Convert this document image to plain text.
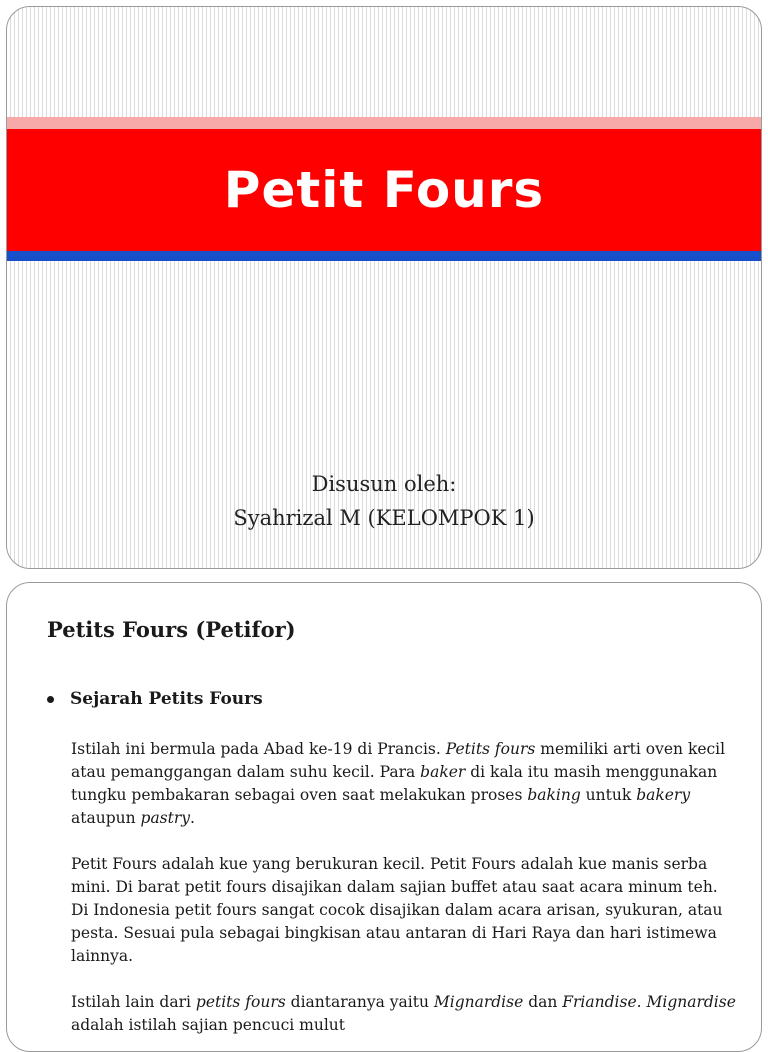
Petit Fours
Disusun oleh:
Syahrizal M (KELOMPOK 1)
Petits Fours (Petifor)
Sejarah Petits Fours

Istilah ini bermula pada Abad ke-19 di Prancis. Petits fours memiliki arti oven kecil atau pemanggangan dalam suhu kecil. Para baker di kala itu masih menggunakan tungku pembakaran sebagai oven saat melakukan proses baking untuk bakery ataupun pastry.

Petit Fours adalah kue yang berukuran kecil. Petit Fours adalah kue manis serba mini. Di barat petit fours disajikan dalam sajian buffet atau saat acara minum teh. Di Indonesia petit fours sangat cocok disajikan dalam acara arisan, syukuran, atau pesta. Sesuai pula sebagai bingkisan atau antaran di Hari Raya dan hari istimewa lainnya.

Istilah lain dari petits fours diantaranya yaitu Mignardise dan Friandise. Mignardise adalah istilah sajian pencuci mulut
